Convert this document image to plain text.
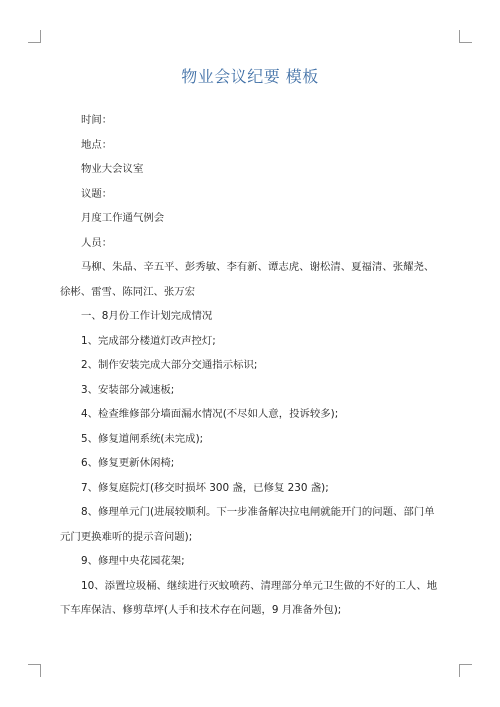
物业会议纪要 模板

时间：

地点：

物业大会议室

议题：

月度工作通气例会

人员：

马柳、朱晶、辛五平、彭秀敏、李有新、谭志虎、谢松清、夏福清、张耀尧、徐彬、雷雪、陈同江、张万宏

一、8月份工作计划完成情况

1、完成部分楼道灯改声控灯;

2、制作安装完成大部分交通指示标识;

3、安装部分减速板;

4、检查维修部分墙面漏水情况(不尽如人意，投诉较多);

5、修复道闸系统(未完成);

6、修复更新休闲椅;

7、修复庭院灯(移交时损坏 300 盏，已修复 230 盏);

8、修理单元门(进展较顺利。下一步准备解决拉电闸就能开门的问题、部门单元门更换难听的提示音问题);

9、修理中央花园花架;

10、添置垃圾桶、继续进行灭蚊喷药、清理部分单元卫生做的不好的工人、地下车库保洁、修剪草坪(人手和技术存在问题，9 月准备外包);
